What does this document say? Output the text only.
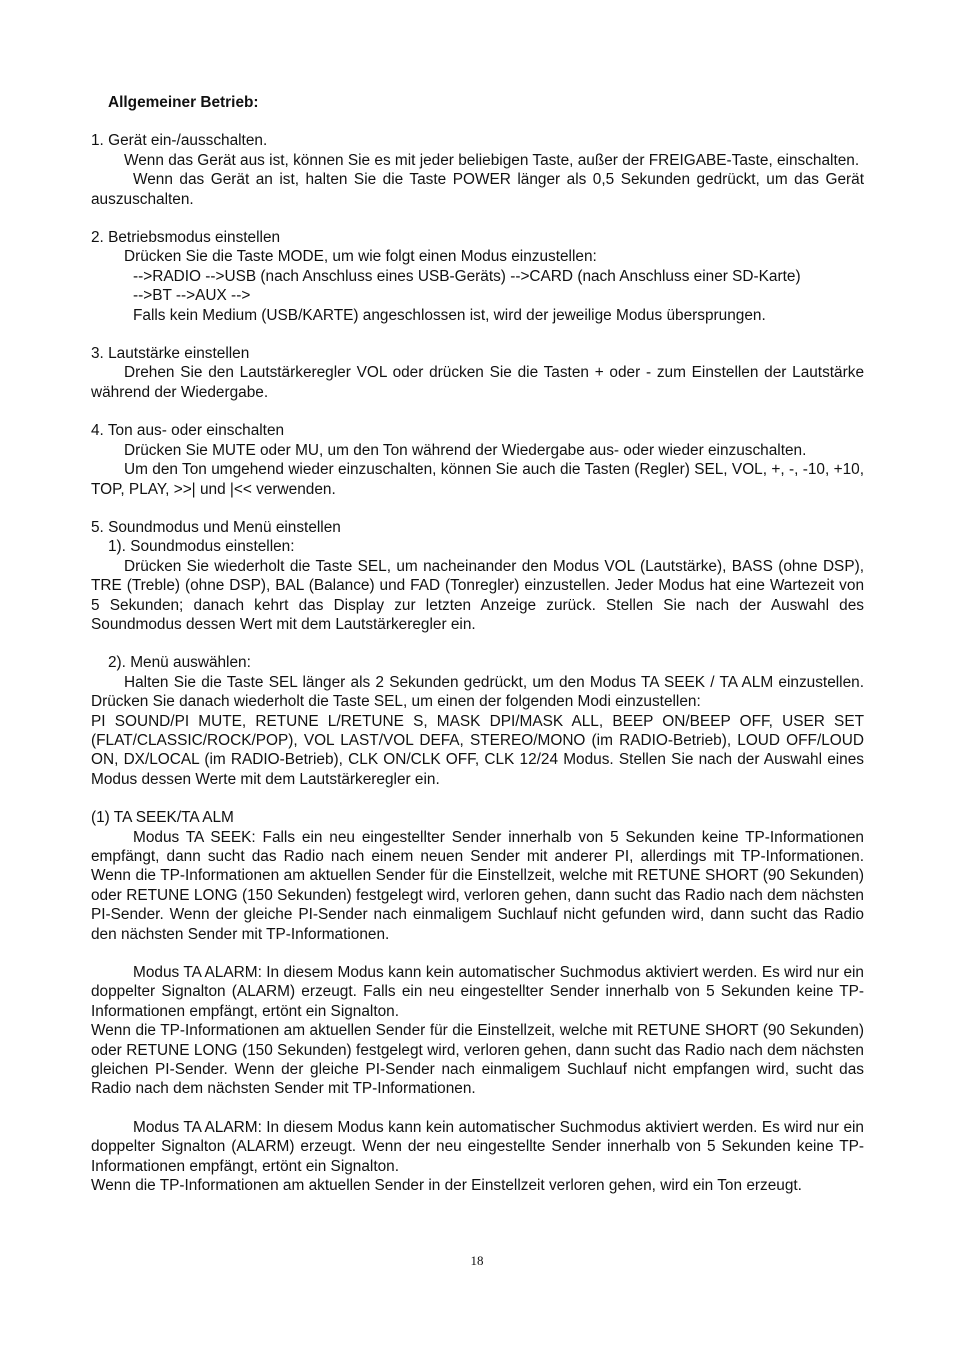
Allgemeiner Betrieb:

1. Gerät ein-/ausschalten.

Wenn das Gerät aus ist, können Sie es mit jeder beliebigen Taste, außer der FREIGABE-Taste, einschalten.

Wenn das Gerät an ist, halten Sie die Taste POWER länger als 0,5 Sekunden gedrückt, um das Gerät auszuschalten.

2. Betriebsmodus einstellen

Drücken Sie die Taste MODE, um wie folgt einen Modus einzustellen:

-->RADIO -->USB (nach Anschluss eines USB-Geräts) -->CARD (nach Anschluss einer SD-Karte)

-->BT -->AUX -->

Falls kein Medium (USB/KARTE) angeschlossen ist, wird der jeweilige Modus übersprungen.

3. Lautstärke einstellen

Drehen Sie den Lautstärkeregler VOL oder drücken Sie die Tasten + oder - zum Einstellen der Lautstärke während der Wiedergabe.

4. Ton aus- oder einschalten

Drücken Sie MUTE oder MU, um den Ton während der Wiedergabe aus- oder wieder einzuschalten.

Um den Ton umgehend wieder einzuschalten, können Sie auch die Tasten (Regler) SEL, VOL, +, -, -10, +10, TOP, PLAY, >>| und |<< verwenden.

5. Soundmodus und Menü einstellen

1). Soundmodus einstellen:

Drücken Sie wiederholt die Taste SEL, um nacheinander den Modus VOL (Lautstärke), BASS (ohne DSP), TRE (Treble) (ohne DSP), BAL (Balance) und FAD (Tonregler) einzustellen. Jeder Modus hat eine Wartezeit von 5 Sekunden; danach kehrt das Display zur letzten Anzeige zurück. Stellen Sie nach der Auswahl des Soundmodus dessen Wert mit dem Lautstärkeregler ein.

2). Menü auswählen:

Halten Sie die Taste SEL länger als 2 Sekunden gedrückt, um den Modus TA SEEK / TA ALM einzustellen. Drücken Sie danach wiederholt die Taste SEL, um einen der folgenden Modi einzustellen:

PI SOUND/PI MUTE, RETUNE L/RETUNE S, MASK DPI/MASK ALL, BEEP ON/BEEP OFF, USER SET (FLAT/CLASSIC/ROCK/POP), VOL LAST/VOL DEFA, STEREO/MONO (im RADIO-Betrieb), LOUD OFF/LOUD ON, DX/LOCAL (im RADIO-Betrieb), CLK ON/CLK OFF, CLK 12/24 Modus. Stellen Sie nach der Auswahl eines Modus dessen Werte mit dem Lautstärkeregler ein.

(1) TA SEEK/TA ALM

Modus TA SEEK: Falls ein neu eingestellter Sender innerhalb von 5 Sekunden keine TP-Informationen empfängt, dann sucht das Radio nach einem neuen Sender mit anderer PI, allerdings mit TP-Informationen. Wenn die TP-Informationen am aktuellen Sender für die Einstellzeit, welche mit RETUNE SHORT (90 Sekunden) oder RETUNE LONG (150 Sekunden) festgelegt wird, verloren gehen, dann sucht das Radio nach dem nächsten PI-Sender. Wenn der gleiche PI-Sender nach einmaligem Suchlauf nicht gefunden wird, dann sucht das Radio den nächsten Sender mit TP-Informationen.

Modus TA ALARM: In diesem Modus kann kein automatischer Suchmodus aktiviert werden. Es wird nur ein doppelter Signalton (ALARM) erzeugt. Falls ein neu eingestellter Sender innerhalb von 5 Sekunden keine TP-Informationen empfängt, ertönt ein Signalton.

Wenn die TP-Informationen am aktuellen Sender für die Einstellzeit, welche mit RETUNE SHORT (90 Sekunden) oder RETUNE LONG (150 Sekunden) festgelegt wird, verloren gehen, dann sucht das Radio nach dem nächsten gleichen PI-Sender. Wenn der gleiche PI-Sender nach einmaligem Suchlauf nicht empfangen wird, sucht das Radio nach dem nächsten Sender mit TP-Informationen.

Modus TA ALARM: In diesem Modus kann kein automatischer Suchmodus aktiviert werden. Es wird nur ein doppelter Signalton (ALARM) erzeugt. Wenn der neu eingestellte Sender innerhalb von 5 Sekunden keine TP-Informationen empfängt, ertönt ein Signalton.

Wenn die TP-Informationen am aktuellen Sender in der Einstellzeit verloren gehen, wird ein Ton erzeugt.

18
